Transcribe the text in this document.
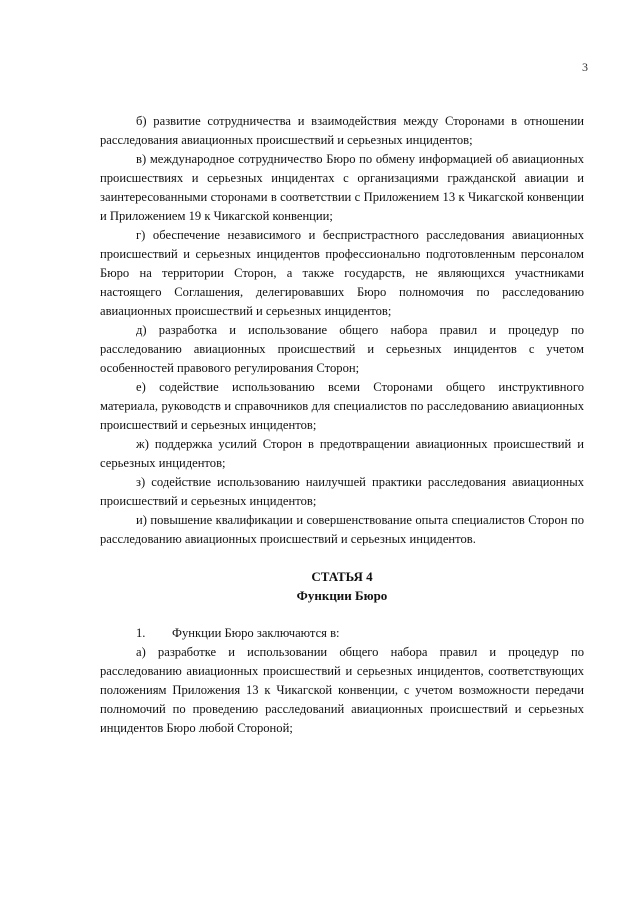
3

б) развитие сотрудничества и взаимодействия между Сторонами в отношении расследования авиационных происшествий и серьезных инцидентов;

в) международное сотрудничество Бюро по обмену информацией об авиационных происшествиях и серьезных инцидентах с организациями гражданской авиации и заинтересованными сторонами в соответствии с Приложением 13 к Чикагской конвенции и Приложением 19 к Чикагской конвенции;

г) обеспечение независимого и беспристрастного расследования авиационных происшествий и серьезных инцидентов профессионально подготовленным персоналом Бюро на территории Сторон, а также государств, не являющихся участниками настоящего Соглашения, делегировавших Бюро полномочия по расследованию авиационных происшествий и серьезных инцидентов;

д) разработка и использование общего набора правил и процедур по расследованию авиационных происшествий и серьезных инцидентов с учетом особенностей правового регулирования Сторон;

е) содействие использованию всеми Сторонами общего инструктивного материала, руководств и справочников для специалистов по расследованию авиационных происшествий и серьезных инцидентов;

ж) поддержка усилий Сторон в предотвращении авиационных происшествий и серьезных инцидентов;

з) содействие использованию наилучшей практики расследования авиационных происшествий и серьезных инцидентов;

и) повышение квалификации и совершенствование опыта специалистов Сторон по расследованию авиационных происшествий и серьезных инцидентов.

СТАТЬЯ 4
Функции Бюро

1. Функции Бюро заключаются в:

а) разработке и использовании общего набора правил и процедур по расследованию авиационных происшествий и серьезных инцидентов, соответствующих положениям Приложения 13 к Чикагской конвенции, с учетом возможности передачи полномочий по проведению расследований авиационных происшествий и серьезных инцидентов Бюро любой Стороной;
